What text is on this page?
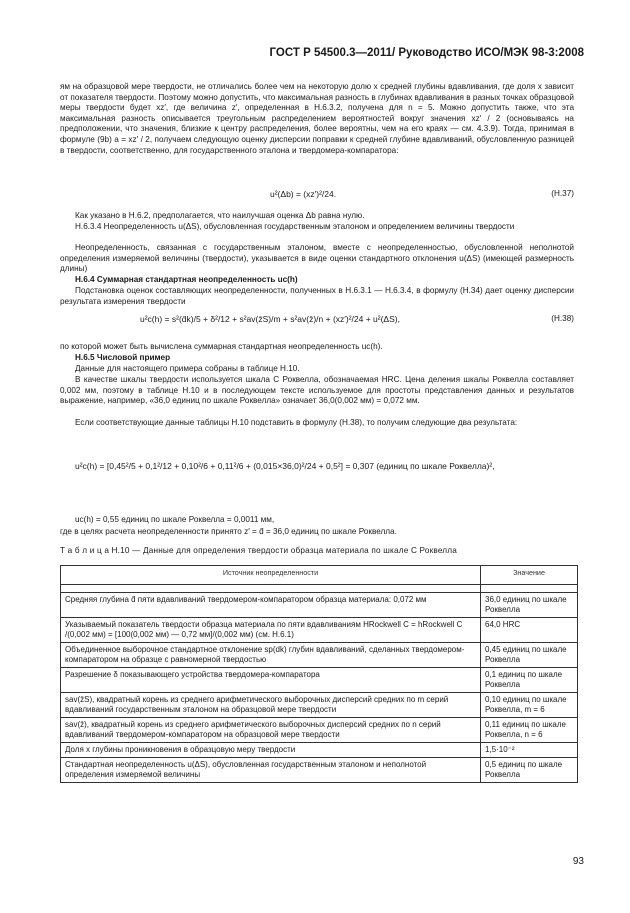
ГОСТ Р 54500.3—2011/ Руководство ИСО/МЭК 98-3:2008
ям на образцовой мере твердости, не отличались более чем на некоторую долю x средней глубины вдавливания, где доля x зависит от показателя твердости. Поэтому можно допустить, что максимальная разность в глубинах вдавливания в разных точках образцовой меры твердости будет xz′, где величина z′, определенная в Н.6.3.2, получена для n = 5. Можно допустить также, что эта максимальная разность описывается треугольным распределением вероятностей вокруг значения xz′ / 2 (основываясь на предположении, что значения, близкие к центру распределения, более вероятны, чем на его краях — см. 4.3.9). Тогда, принимая в формуле (9b) a = xz′ / 2, получаем следующую оценку дисперсии поправки к средней глубине вдавливаний, обусловленную разницей в твердости, соответственно, для государственного эталона и твердомера-компаратора:
u²(Δb) = (xz′)²/24.	(Н.37)
Как указано в Н.6.2, предполагается, что наилучшая оценка Δb равна нулю.
Н.6.3.4 Неопределенность u(ΔS), обусловленная государственным эталоном и определением величины твердости
Неопределенность, связанная с государственным эталоном, вместе с неопределенностью, обусловленной неполнотой определения измеряемой величины (твердости), указывается в виде оценки стандартного отклонения u(ΔS) (имеющей размерность длины)
Н.6.4 Суммарная стандартная неопределенность uc(h)
Подстановка оценок составляющих неопределенности, полученных в Н.6.3.1 — Н.6.3.4, в формулу (Н.34) дает оценку дисперсии результата измерения твердости
u²c(h) = s²(d̄k)/5 + δ²/12 + s²av(z̄S)/m + s²av(z̄)/n + (xz′)²/24 + u²(ΔS),	(Н.38)
по которой может быть вычислена суммарная стандартная неопределенность uc(h).
Н.6.5 Числовой пример
Данные для настоящего примера собраны в таблице Н.10.
В качестве шкалы твердости используется шкала С Роквелла, обозначаемая HRC. Цена деления шкалы Роквелла составляет 0,002 мм, поэтому в таблице Н.10 и в последующем тексте используемое для простоты представления данных и результатов выражение, например, «36,0 единиц по шкале Роквелла» означает 36,0(0,002 мм) = 0,072 мм.
Если соответствующие данные таблицы Н.10 подставить в формулу (Н.38), то получим следующие два результата:
u²c(h) = [0,45²/5 + 0,1²/12 + 0,10²/6 + 0,11²/6 + (0,015×36,0)²/24 + 0,5²] = 0,307 (единиц по шкале Роквелла)²,
uc(h) = 0,55 единиц по шкале Роквелла = 0,0011 мм,
где в целях расчета неопределенности принято z′ = d̄ = 36,0 единиц по шкале Роквелла.
Т а б л и ц а Н.10 — Данные для определения твердости образца материала по шкале С Роквелла
Источник неопределенности	Значение

Средняя глубина d̄ пяти вдавливаний твердомером-компаратором образца материала: 0,072 мм	36,0 единиц по шкале Роквелла
Указываемый показатель твердости образца материала по пяти вдавливаниям HRockwell C = hRockwell C /(0,002 мм) = [100(0,002 мм) — 0,72 мм]/(0,002 мм) (см. Н.6.1)	64,0 HRC
Объединенное выборочное стандартное отклонение sp(dk) глубин вдавливаний, сделанных твердомером-компаратором на образце с равномерной твердостью	0,45 единиц по шкале Роквелла
Разрешение δ показывающего устройства твердомера-компаратора	0,1 единиц по шкале Роквелла
sav(z̄S), квадратный корень из среднего арифметического выборочных дисперсий средних по m серий вдавливаний государственным эталоном на образцовой мере твердости	0,10 единиц по шкале Роквелла, m = 6
sav(z̄), квадратный корень из среднего арифметического выборочных дисперсий средних по n серий вдавливаний твердомером-компаратором на образцовой мере твердости	0,11 единиц по шкале Роквелла, n = 6
Доля x глубины проникновения в образцовую меру твердости	1,5·10⁻²
Стандартная неопределенность u(ΔS), обусловленная государственным эталоном и неполнотой определения измеряемой величины	0,5 единиц по шкале Роквелла
93
